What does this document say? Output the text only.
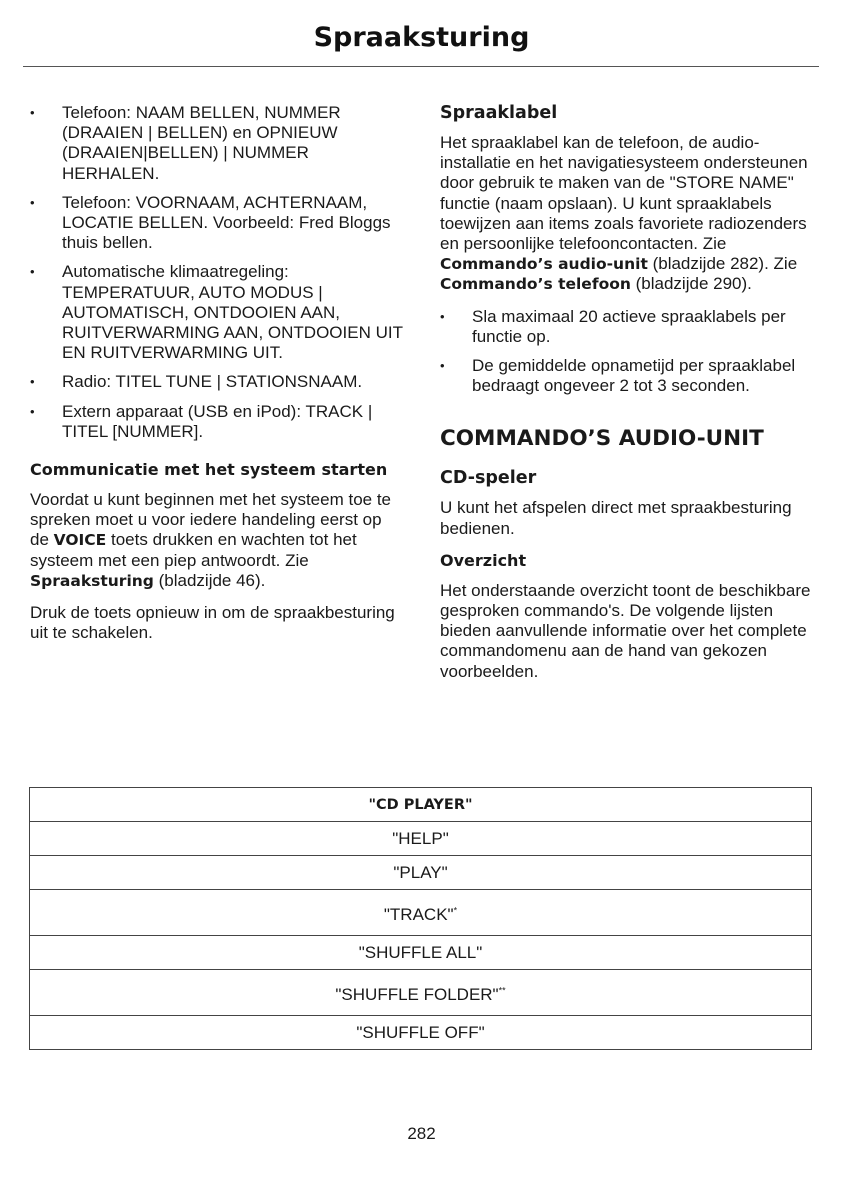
Spraaksturing
• Telefoon: NAAM BELLEN, NUMMER (DRAAIEN | BELLEN) en OPNIEUW (DRAAIEN|BELLEN) | NUMMER HERHALEN.
• Telefoon: VOORNAAM, ACHTERNAAM, LOCATIE BELLEN. Voorbeeld: Fred Bloggs thuis bellen.
• Automatische klimaatregeling: TEMPERATUUR, AUTO MODUS | AUTOMATISCH, ONTDOOIEN AAN, RUITVERWARMING AAN, ONTDOOIEN UIT EN RUITVERWARMING UIT.
• Radio: TITEL TUNE | STATIONSNAAM.
• Extern apparaat (USB en iPod): TRACK | TITEL [NUMMER].
Communicatie met het systeem starten

Voordat u kunt beginnen met het systeem toe te spreken moet u voor iedere handeling eerst op de VOICE toets drukken en wachten tot het systeem met een piep antwoordt. Zie Spraaksturing (bladzijde 46).

Druk de toets opnieuw in om de spraakbesturing uit te schakelen.

Spraaklabel

Het spraaklabel kan de telefoon, de audio-installatie en het navigatiesysteem ondersteunen door gebruik te maken van de "STORE NAME" functie (naam opslaan). U kunt spraaklabels toewijzen aan items zoals favoriete radiozenders en persoonlijke telefooncontacten. Zie Commando’s audio-unit (bladzijde 282). Zie Commando’s telefoon (bladzijde 290).

• Sla maximaal 20 actieve spraaklabels per functie op.
• De gemiddelde opnametijd per spraaklabel bedraagt ongeveer 2 tot 3 seconden.
COMMANDO’S AUDIO-UNIT
CD-speler

U kunt het afspelen direct met spraakbesturing bedienen.

Overzicht

Het onderstaande overzicht toont de beschikbare gesproken commando's. De volgende lijsten bieden aanvullende informatie over het complete commandomenu aan de hand van gekozen voorbeelden.

"CD PLAYER"
"HELP"
"PLAY"
"TRACK"*
"SHUFFLE ALL"
"SHUFFLE FOLDER"**
"SHUFFLE OFF"
282
